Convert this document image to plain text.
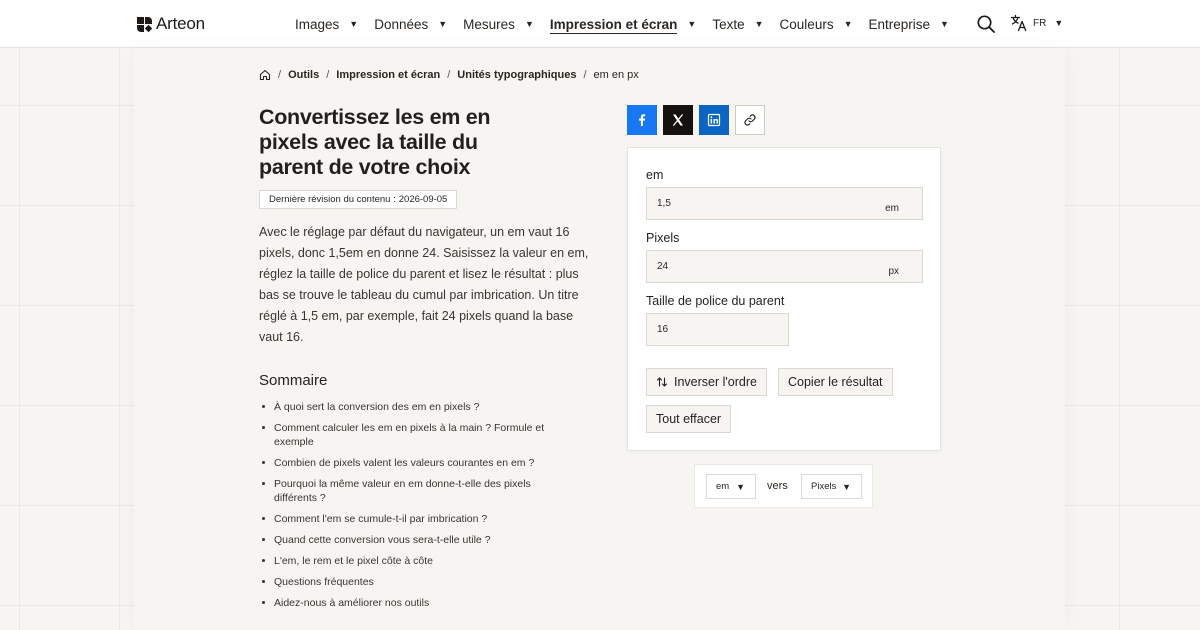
Arteon	Images ▼ Données ▼ Mesures ▼ Impression et écran ▼ Texte ▼ Couleurs ▼ Entreprise ▼	FR ▼
/ Outils / Impression et écran / Unités typographiques / em en px
Convertissez les em en pixels avec la taille du parent de votre choix
Dernière révision du contenu : 2026-09-05

Avec le réglage par défaut du navigateur, un em vaut 16 pixels, donc 1,5em en donne 24. Saisissez la valeur en em, réglez la taille de police du parent et lisez le résultat : plus bas se trouve le tableau du cumul par imbrication. Un titre réglé à 1,5 em, par exemple, fait 24 pixels quand la base vaut 16.

Sommaire
À quoi sert la conversion des em en pixels ?
Comment calculer les em en pixels à la main ? Formule et exemple
Combien de pixels valent les valeurs courantes en em ?
Pourquoi la même valeur en em donne-t-elle des pixels différents ?
Comment l'em se cumule-t-il par imbrication ?
Quand cette conversion vous sera-t-elle utile ?
L'em, le rem et le pixel côte à côte
Questions fréquentes
Aidez-nous à améliorer nos outils
em
1,5	em
Pixels
24	px
Taille de police du parent
16
Inverser l'ordre Copier le résultat
Tout effacer
em ▼ vers Pixels ▼
